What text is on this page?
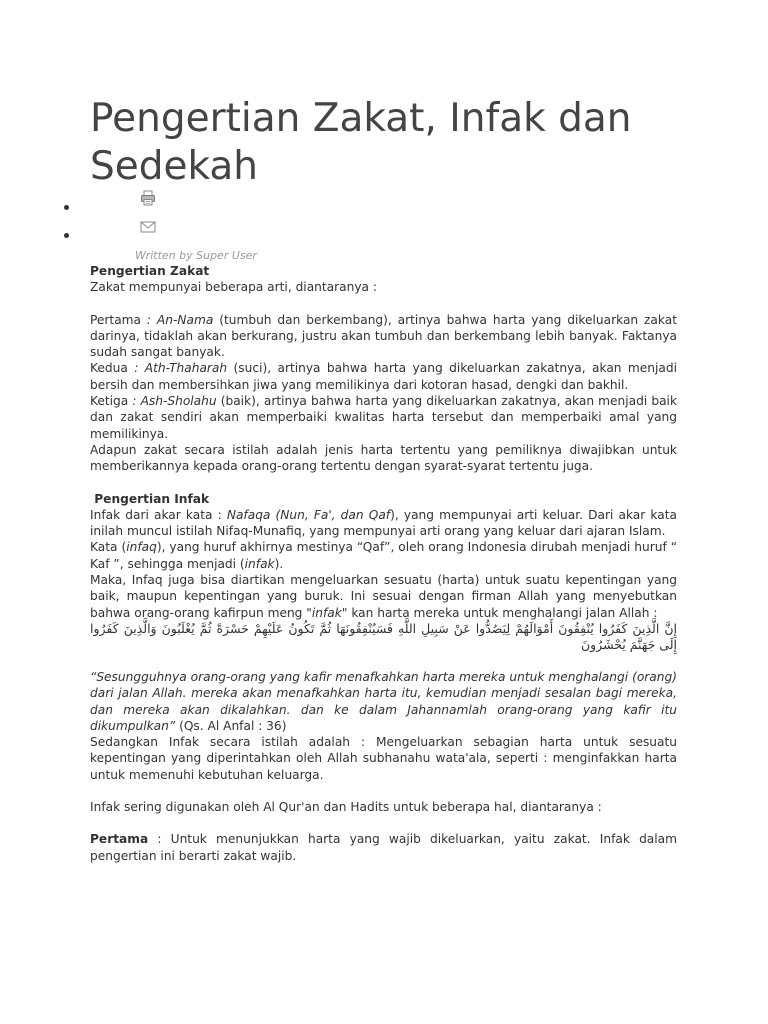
Pengertian Zakat, Infak dan Sedekah
Written by Super User

Pengertian Zakat

Zakat mempunyai beberapa arti, diantaranya :

Pertama : An-Nama (tumbuh dan berkembang), artinya bahwa harta yang dikeluarkan zakat darinya, tidaklah akan berkurang, justru akan tumbuh dan berkembang lebih banyak. Faktanya sudah sangat banyak.

Kedua : Ath-Thaharah (suci), artinya bahwa harta yang dikeluarkan zakatnya, akan menjadi bersih dan membersihkan jiwa yang memilikinya dari kotoran hasad, dengki dan bakhil.

Ketiga : Ash-Sholahu (baik), artinya bahwa harta yang dikeluarkan zakatnya, akan menjadi baik dan zakat sendiri akan memperbaiki kwalitas harta tersebut dan memperbaiki amal yang memilikinya.

Adapun zakat secara istilah adalah jenis harta tertentu yang pemiliknya diwajibkan untuk memberikannya kepada orang-orang tertentu dengan syarat-syarat tertentu juga.

Pengertian Infak

Infak dari akar kata : Nafaqa (Nun, Fa', dan Qaf), yang mempunyai arti keluar. Dari akar kata inilah muncul istilah Nifaq-Munafiq, yang mempunyai arti orang yang keluar dari ajaran Islam.

Kata (infaq), yang huruf akhirnya mestinya “Qaf”, oleh orang Indonesia dirubah menjadi huruf “ Kaf ”, sehingga menjadi (infak).

Maka, Infaq juga bisa diartikan mengeluarkan sesuatu (harta) untuk suatu kepentingan yang baik, maupun kepentingan yang buruk. Ini sesuai dengan firman Allah yang menyebutkan bahwa orang-orang kafirpun meng "infak" kan harta mereka untuk menghalangi jalan Allah :

إِنَّ الَّذِينَ كَفَرُوا يُنْفِقُونَ أَمْوَالَهُمْ لِيَصُدُّوا عَنْ سَبِيلِ اللَّهِ فَسَيُنْفِقُونَهَا ثُمَّ تَكُونُ عَلَيْهِمْ حَسْرَةً ثُمَّ يُغْلَبُونَ وَالَّذِينَ كَفَرُوا إِلَى جَهَنَّمَ يُحْشَرُونَ

“Sesungguhnya orang-orang yang kafir menafkahkan harta mereka untuk menghalangi (orang) dari jalan Allah. mereka akan menafkahkan harta itu, kemudian menjadi sesalan bagi mereka, dan mereka akan dikalahkan. dan ke dalam Jahannamlah orang-orang yang kafir itu dikumpulkan” (Qs. Al Anfal : 36)

Sedangkan Infak secara istilah adalah : Mengeluarkan sebagian harta untuk sesuatu kepentingan yang diperintahkan oleh Allah subhanahu wata'ala, seperti : menginfakkan harta untuk memenuhi kebutuhan keluarga.

Infak sering digunakan oleh Al Qur'an dan Hadits untuk beberapa hal, diantaranya :

Pertama : Untuk menunjukkan harta yang wajib dikeluarkan, yaitu zakat. Infak dalam pengertian ini berarti zakat wajib.
